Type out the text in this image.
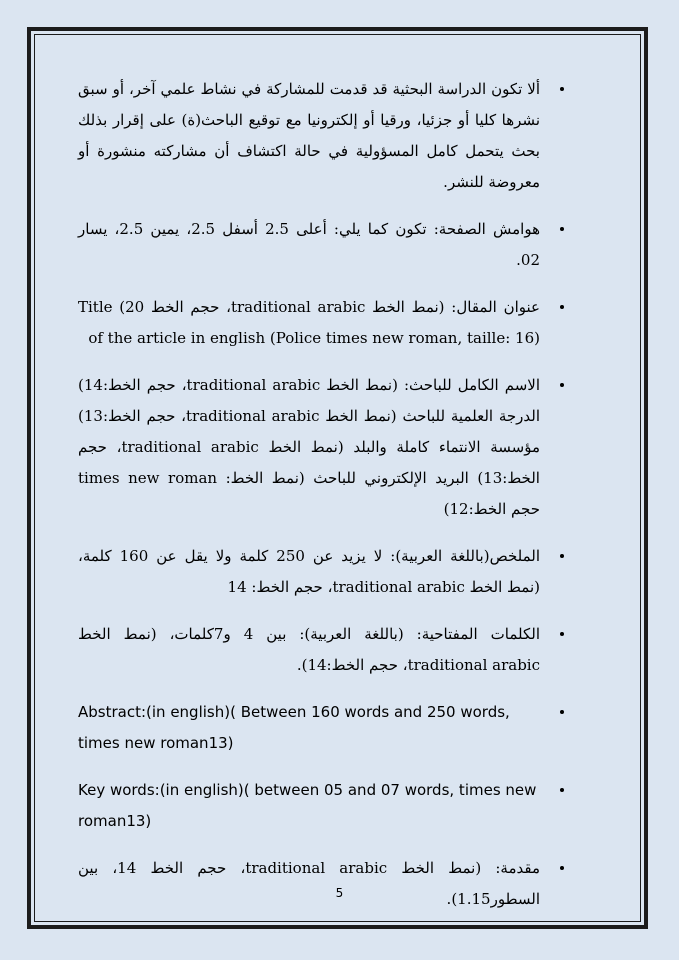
ألا تكون الدراسة البحثية قد قدمت للمشاركة في نشاط علمي آخر، أو سبق نشرها كليا أو جزئيا، ورقيا أو إلكترونيا مع توقيع الباحث(ة) على إقرار بذلك بحث يتحمل كامل المسؤولية في حالة اكتشاف أن مشاركته منشورة أو معروضة للنشر.
هوامش الصفحة: تكون كما يلي: أعلى 2.5 أسفل 2.5، يمين 2.5، يسار 02.
عنوان المقال: (نمط الخط traditional arabic، حجم الخط 20) Title of the article in english (Police times new roman, taille: 16)
الاسم الكامل للباحث: (نمط الخط traditional arabic، حجم الخط:14) الدرجة العلمية للباحث (نمط الخط traditional arabic، حجم الخط:13) مؤسسة الانتماء كاملة والبلد (نمط الخط traditional arabic، حجم الخط:13) البريد الإلكتروني للباحث (نمط الخط: times new roman حجم الخط:12)
الملخص(باللغة العربية): لا يزيد عن 250 كلمة ولا يقل عن 160 كلمة، (نمط الخط traditional arabic، حجم الخط: 14
الكلمات المفتاحية: (باللغة العربية): بين 4 و7كلمات، (نمط الخط traditional arabic، حجم الخط:14).
Abstract:(in english)( Between 160 words and 250 words, times new roman13)
Key words:(in english)( between 05 and 07 words, times new roman13)
مقدمة: (نمط الخط traditional arabic، حجم الخط 14، بين السطور1.15).
5
